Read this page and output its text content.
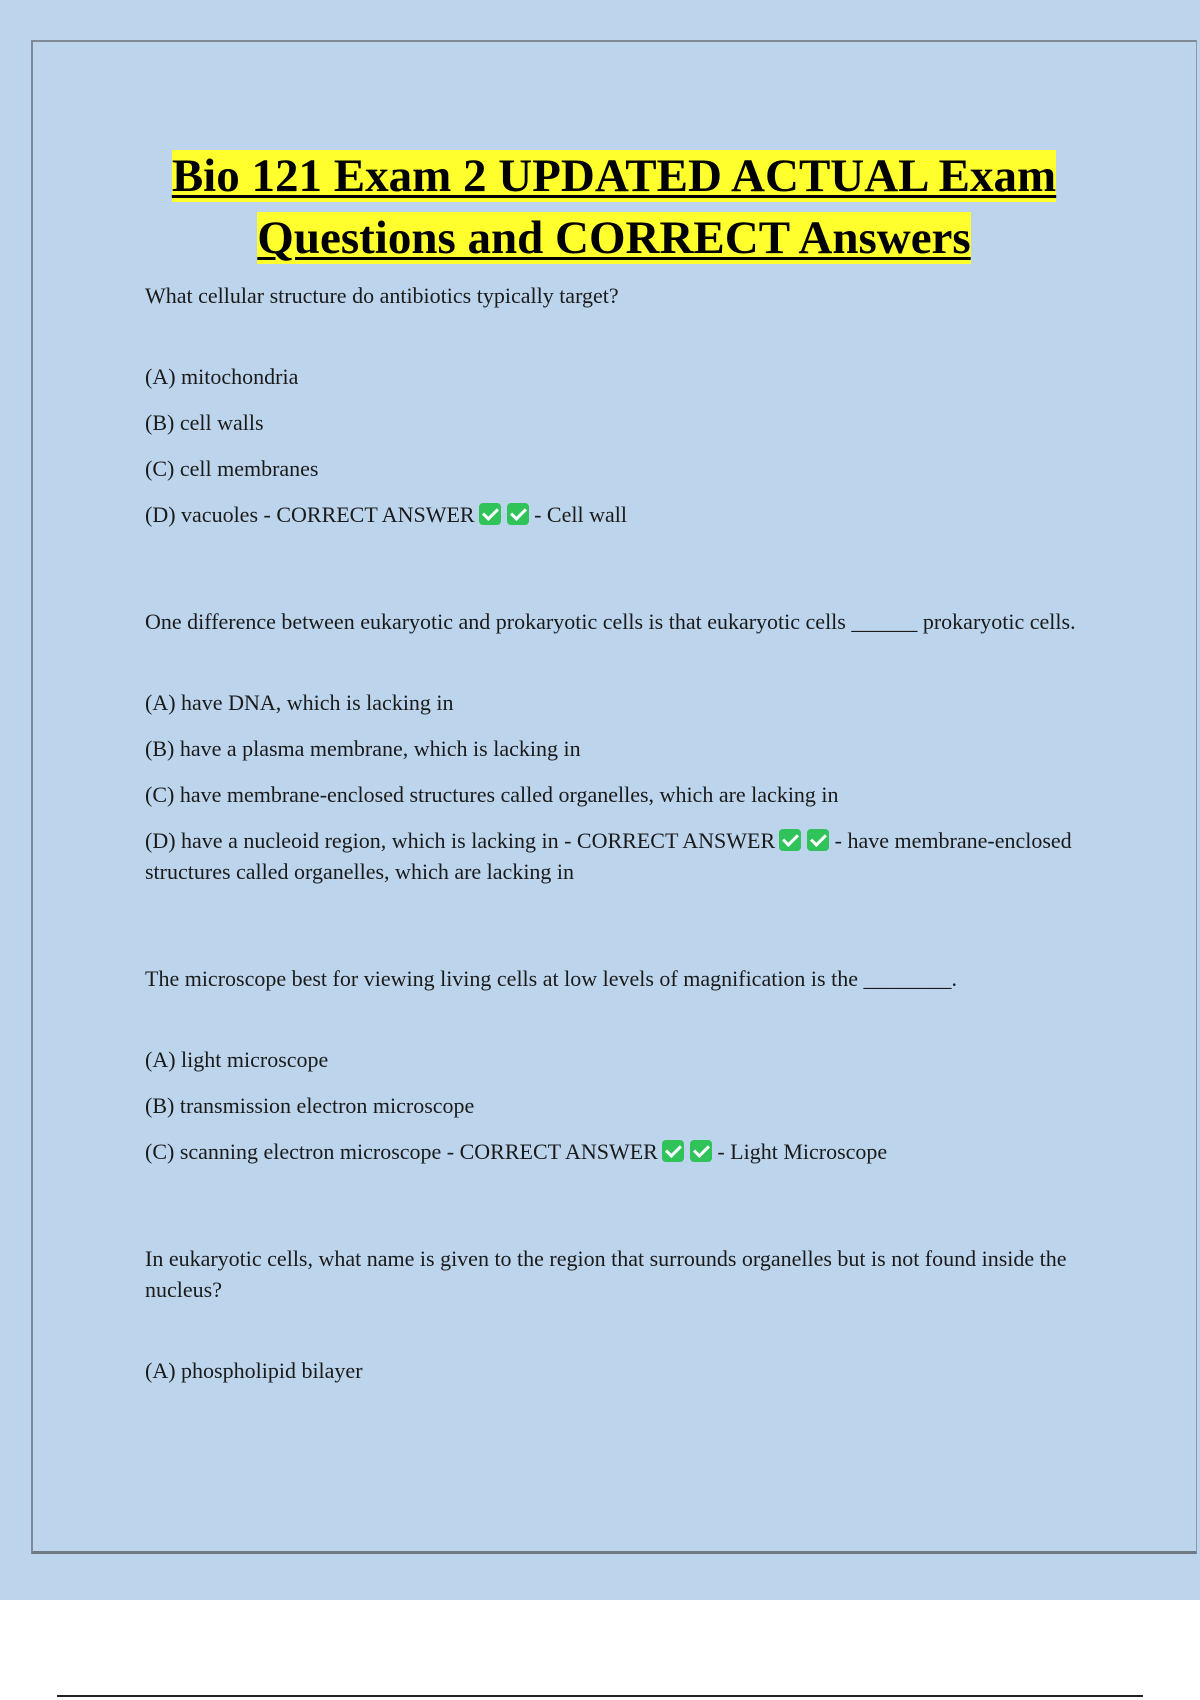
Bio 121 Exam 2 UPDATED ACTUAL Exam

Questions and CORRECT Answers

What cellular structure do antibiotics typically target?

(A) mitochondria

(B) cell walls

(C) cell membranes

(D) vacuoles - CORRECT ANSWER	- Cell wall

One difference between eukaryotic and prokaryotic cells is that eukaryotic cells ______ prokaryotic cells.

(A) have DNA, which is lacking in

(B) have a plasma membrane, which is lacking in

(C) have membrane-enclosed structures called organelles, which are lacking in

(D) have a nucleoid region, which is lacking in - CORRECT ANSWER	- have membrane-enclosed structures called organelles, which are lacking in

The microscope best for viewing living cells at low levels of magnification is the ________.

(A) light microscope

(B) transmission electron microscope

(C) scanning electron microscope - CORRECT ANSWER	- Light Microscope

In eukaryotic cells, what name is given to the region that surrounds organelles but is not found inside the nucleus?

(A) phospholipid bilayer
